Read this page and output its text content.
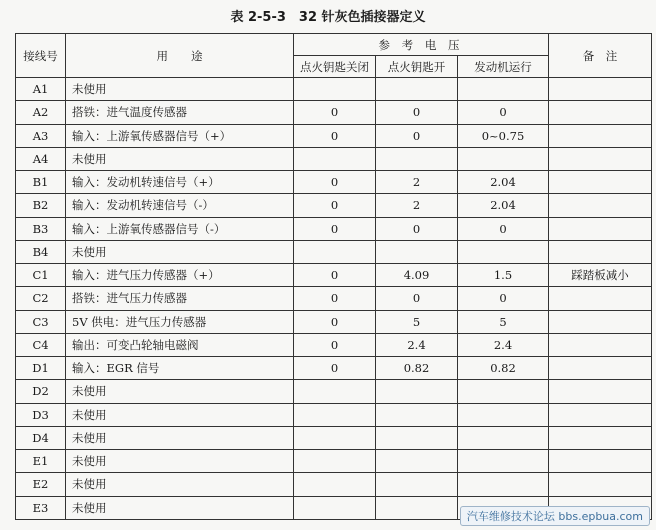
表 2-5-3　32 针灰色插接器定义
接线号	用　　途	参 考 电 压			备　注
		点火钥匙关闭	点火钥匙开	发动机运行	
A1	未使用				
A2	搭铁：进气温度传感器	0	0	0	
A3	输入：上游氧传感器信号（+）	0	0	0~0.75	
A4	未使用				
B1	输入：发动机转速信号（+）	0	2	2.04	
B2	输入：发动机转速信号（-）	0	2	2.04	
B3	输入：上游氧传感器信号（-）	0	0	0	
B4	未使用				
C1	输入：进气压力传感器（+）	0	4.09	1.5	踩踏板减小
C2	搭铁：进气压力传感器	0	0	0	
C3	5V 供电：进气压力传感器	0	5	5	
C4	输出：可变凸轮轴电磁阀	0	2.4	2.4	
D1	输入：EGR 信号	0	0.82	0.82	
D2	未使用				
D3	未使用				
D4	未使用				
E1	未使用				
E2	未使用				
E3	未使用				
汽车维修技术论坛 bbs.epbua.com
